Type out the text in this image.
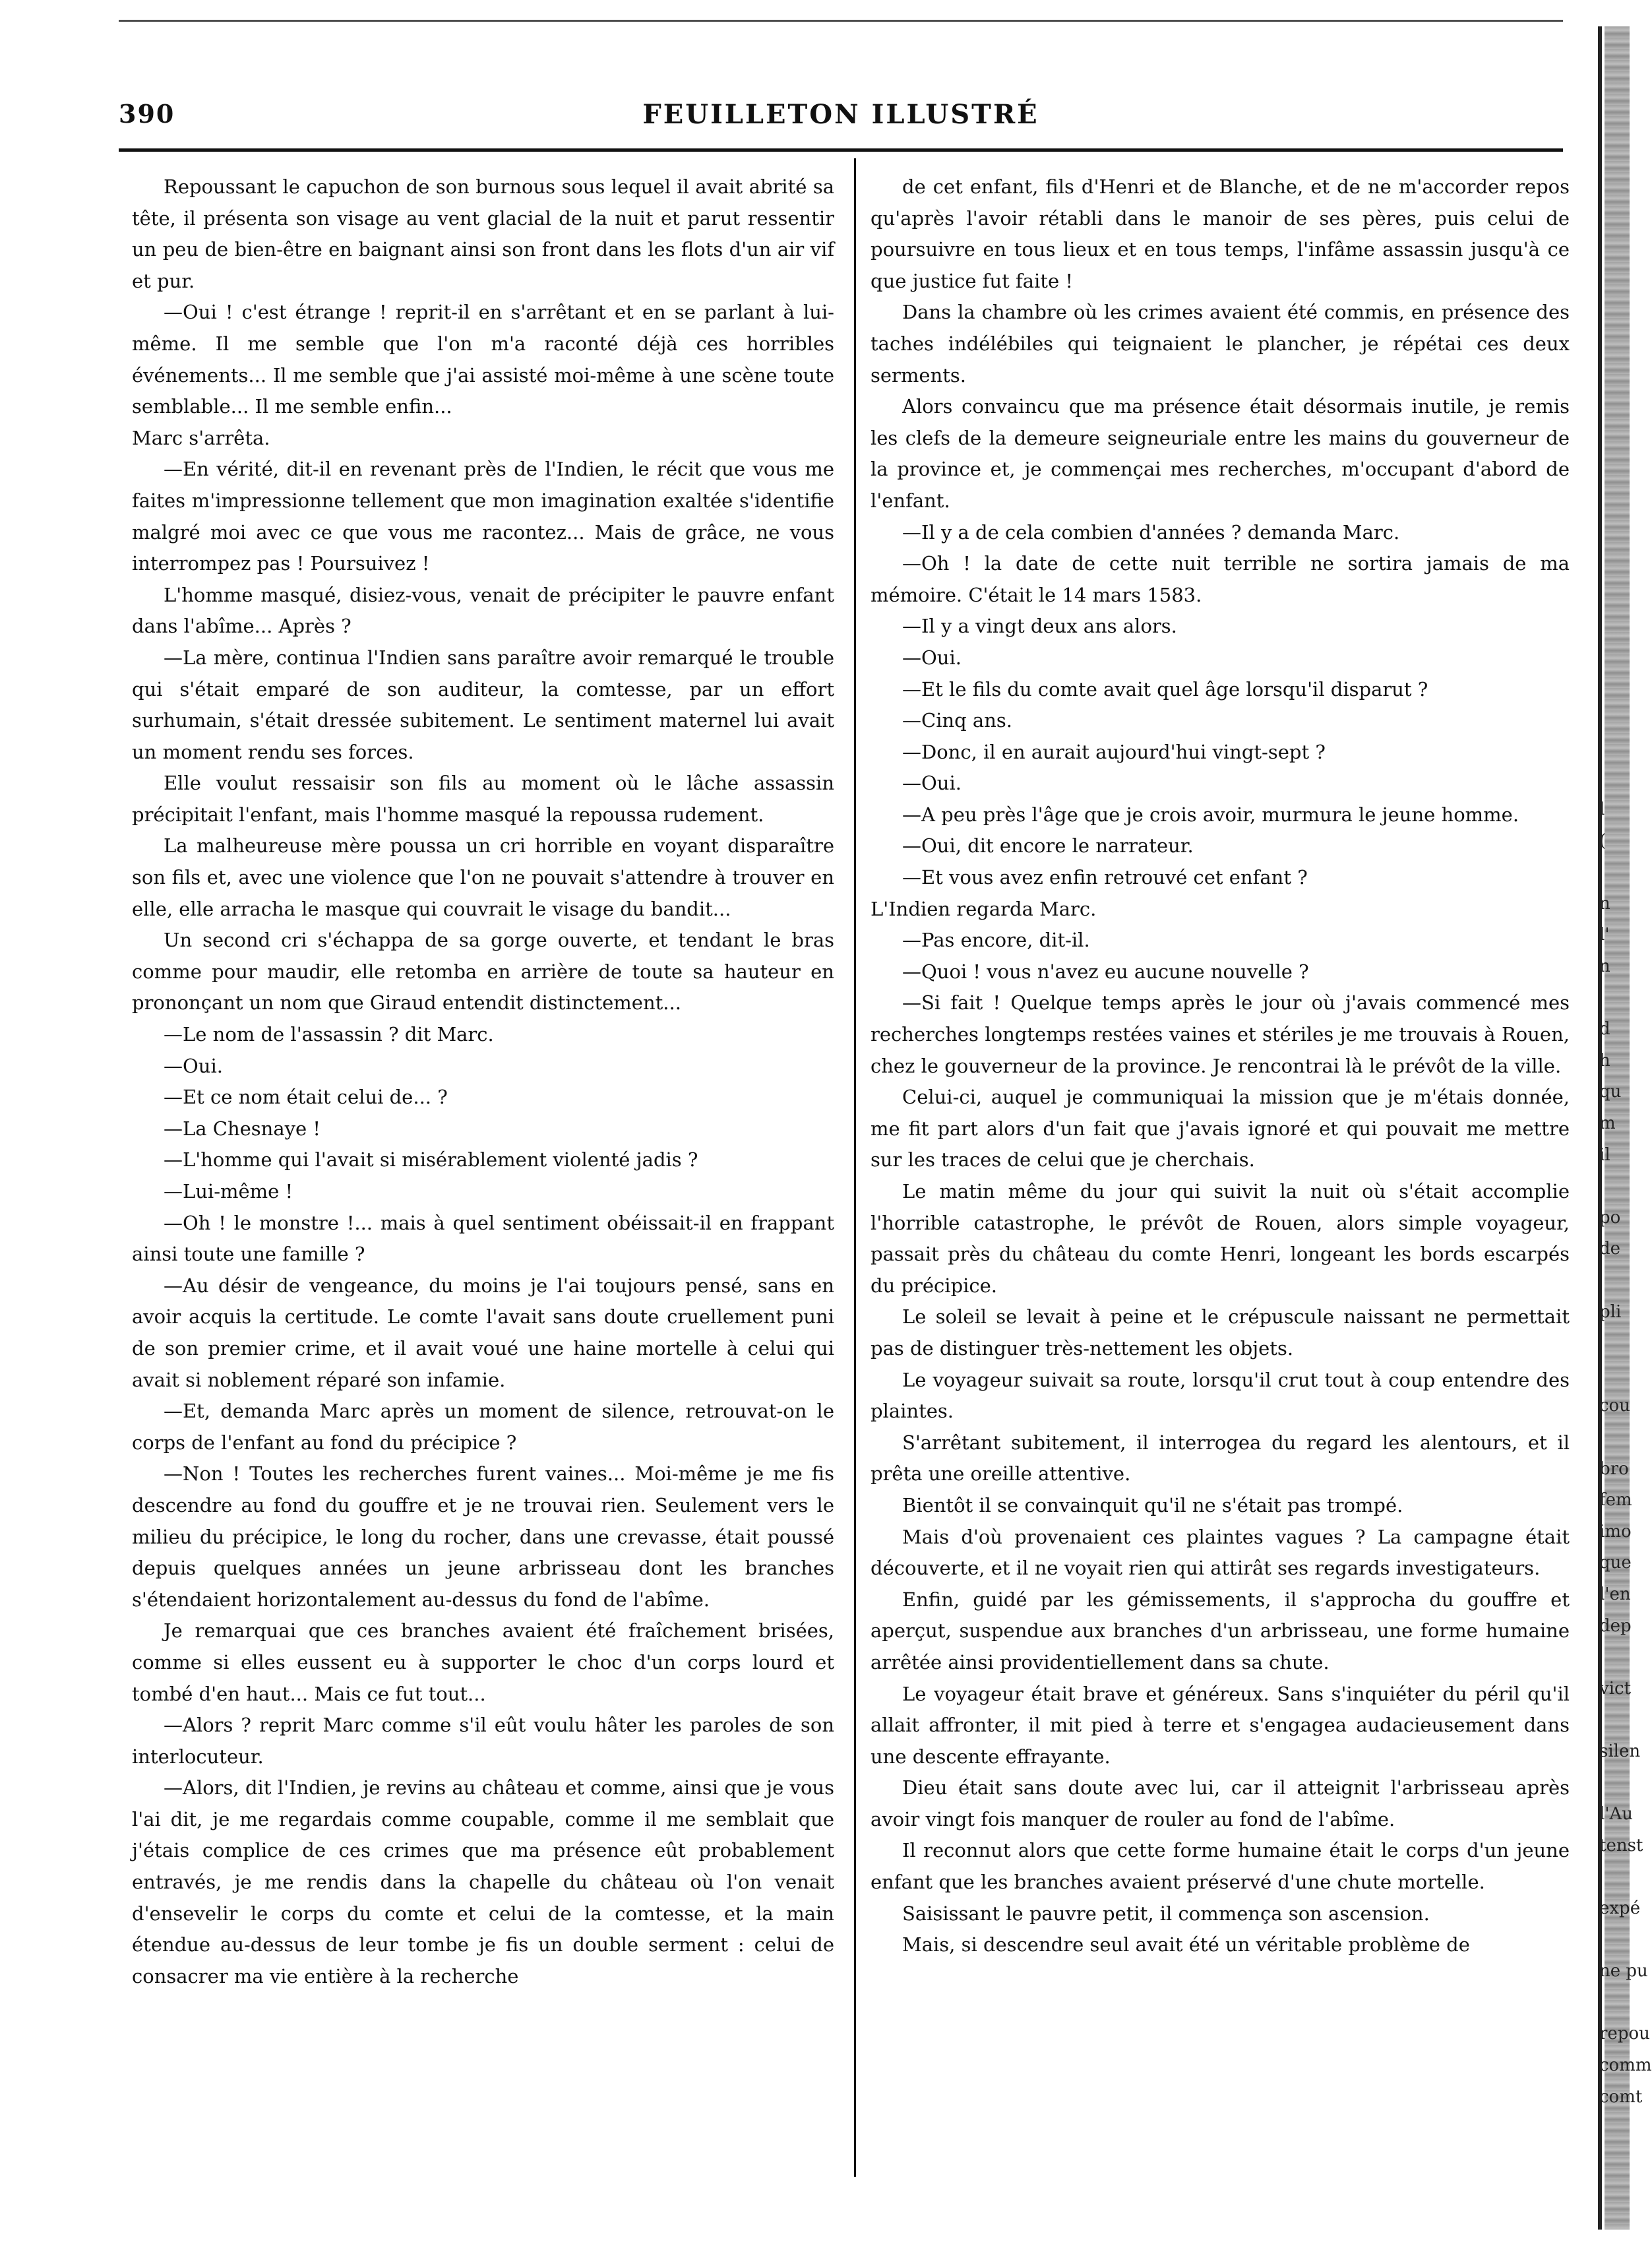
390	FEUILLETON ILLUSTRÉ

Repoussant le capuchon de son burnous sous lequel il avait abrité sa tête, il présenta son visage au vent glacial de la nuit et parut ressentir un peu de bien-être en baignant ainsi son front dans les flots d'un air vif et pur.

—Oui ! c'est étrange ! reprit-il en s'arrêtant et en se parlant à lui-même. Il me semble que l'on m'a raconté déjà ces horribles événements... Il me semble que j'ai assisté moi-même à une scène toute semblable... Il me semble enfin...

Marc s'arrêta.

—En vérité, dit-il en revenant près de l'Indien, le récit que vous me faites m'impressionne tellement que mon imagination exaltée s'identifie malgré moi avec ce que vous me racontez... Mais de grâce, ne vous interrompez pas ! Poursuivez !

L'homme masqué, disiez-vous, venait de précipiter le pauvre enfant dans l'abîme... Après ?

—La mère, continua l'Indien sans paraître avoir remarqué le trouble qui s'était emparé de son auditeur, la comtesse, par un effort surhumain, s'était dressée subitement. Le sentiment maternel lui avait un moment rendu ses forces.

Elle voulut ressaisir son fils au moment où le lâche assassin précipitait l'enfant, mais l'homme masqué la repoussa rudement.

La malheureuse mère poussa un cri horrible en voyant disparaître son fils et, avec une violence que l'on ne pouvait s'attendre à trouver en elle, elle arracha le masque qui couvrait le visage du bandit...

Un second cri s'échappa de sa gorge ouverte, et tendant le bras comme pour maudir, elle retomba en arrière de toute sa hauteur en prononçant un nom que Giraud entendit distinctement...

—Le nom de l'assassin ? dit Marc.

—Oui.

—Et ce nom était celui de... ?

—La Chesnaye !

—L'homme qui l'avait si misérablement violenté jadis ?

—Lui-même !

—Oh ! le monstre !... mais à quel sentiment obéissait-il en frappant ainsi toute une famille ?

—Au désir de vengeance, du moins je l'ai toujours pensé, sans en avoir acquis la certitude. Le comte l'avait sans doute cruellement puni de son premier crime, et il avait voué une haine mortelle à celui qui avait si noblement réparé son infamie.

—Et, demanda Marc après un moment de silence, retrouvat-on le corps de l'enfant au fond du précipice ?

—Non ! Toutes les recherches furent vaines... Moi-même je me fis descendre au fond du gouffre et je ne trouvai rien. Seulement vers le milieu du précipice, le long du rocher, dans une crevasse, était poussé depuis quelques années un jeune arbrisseau dont les branches s'étendaient horizontalement au-dessus du fond de l'abîme.

Je remarquai que ces branches avaient été fraîchement brisées, comme si elles eussent eu à supporter le choc d'un corps lourd et tombé d'en haut... Mais ce fut tout...

—Alors ? reprit Marc comme s'il eût voulu hâter les paroles de son interlocuteur.

—Alors, dit l'Indien, je revins au château et comme, ainsi que je vous l'ai dit, je me regardais comme coupable, comme il me semblait que j'étais complice de ces crimes que ma présence eût probablement entravés, je me rendis dans la chapelle du château où l'on venait d'ensevelir le corps du comte et celui de la comtesse, et la main étendue au-dessus de leur tombe je fis un double serment : celui de consacrer ma vie entière à la recherche

de cet enfant, fils d'Henri et de Blanche, et de ne m'accorder repos qu'après l'avoir rétabli dans le manoir de ses pères, puis celui de poursuivre en tous lieux et en tous temps, l'infâme assassin jusqu'à ce que justice fut faite !

Dans la chambre où les crimes avaient été commis, en présence des taches indélébiles qui teignaient le plancher, je répétai ces deux serments.

Alors convaincu que ma présence était désormais inutile, je remis les clefs de la demeure seigneuriale entre les mains du gouverneur de la province et, je commençai mes recherches, m'occupant d'abord de l'enfant.

—Il y a de cela combien d'années ? demanda Marc.

—Oh ! la date de cette nuit terrible ne sortira jamais de ma mémoire. C'était le 14 mars 1583.

—Il y a vingt deux ans alors.

—Oui.

—Et le fils du comte avait quel âge lorsqu'il disparut ?

—Cinq ans.

—Donc, il en aurait aujourd'hui vingt-sept ?

—Oui.

—A peu près l'âge que je crois avoir, murmura le jeune homme.

—Oui, dit encore le narrateur.

—Et vous avez enfin retrouvé cet enfant ?

L'Indien regarda Marc.

—Pas encore, dit-il.

—Quoi ! vous n'avez eu aucune nouvelle ?

—Si fait ! Quelque temps après le jour où j'avais commencé mes recherches longtemps restées vaines et stériles je me trouvais à Rouen, chez le gouverneur de la province. Je rencontrai là le prévôt de la ville.

Celui-ci, auquel je communiquai la mission que je m'étais donnée, me fit part alors d'un fait que j'avais ignoré et qui pouvait me mettre sur les traces de celui que je cherchais.

Le matin même du jour qui suivit la nuit où s'était accomplie l'horrible catastrophe, le prévôt de Rouen, alors simple voyageur, passait près du château du comte Henri, longeant les bords escarpés du précipice.

Le soleil se levait à peine et le crépuscule naissant ne permettait pas de distinguer très-nettement les objets.

Le voyageur suivait sa route, lorsqu'il crut tout à coup entendre des plaintes.

S'arrêtant subitement, il interrogea du regard les alentours, et il prêta une oreille attentive.

Bientôt il se convainquit qu'il ne s'était pas trompé.

Mais d'où provenaient ces plaintes vagues ? La campagne était découverte, et il ne voyait rien qui attirât ses regards investigateurs.

Enfin, guidé par les gémissements, il s'approcha du gouffre et aperçut, suspendue aux branches d'un arbrisseau, une forme humaine arrêtée ainsi providentiellement dans sa chute.

Le voyageur était brave et généreux. Sans s'inquiéter du péril qu'il allait affronter, il mit pied à terre et s'engagea audacieusement dans une descente effrayante.

Dieu était sans doute avec lui, car il atteignit l'arbrisseau après avoir vingt fois manquer de rouler au fond de l'abîme.

Il reconnut alors que cette forme humaine était le corps d'un jeune enfant que les branches avaient préservé d'une chute mortelle.

Saisissant le pauvre petit, il commença son ascension.

Mais, si descendre seul avait été un véritable problème de

l
(
n
l'
n
d
h
qu
m
il
po
de
pli
cou
bro
fem
imo
que
l'en
dep
vict
silen
l'Au
tenst
expé
ne pu
repou
comm
comt
